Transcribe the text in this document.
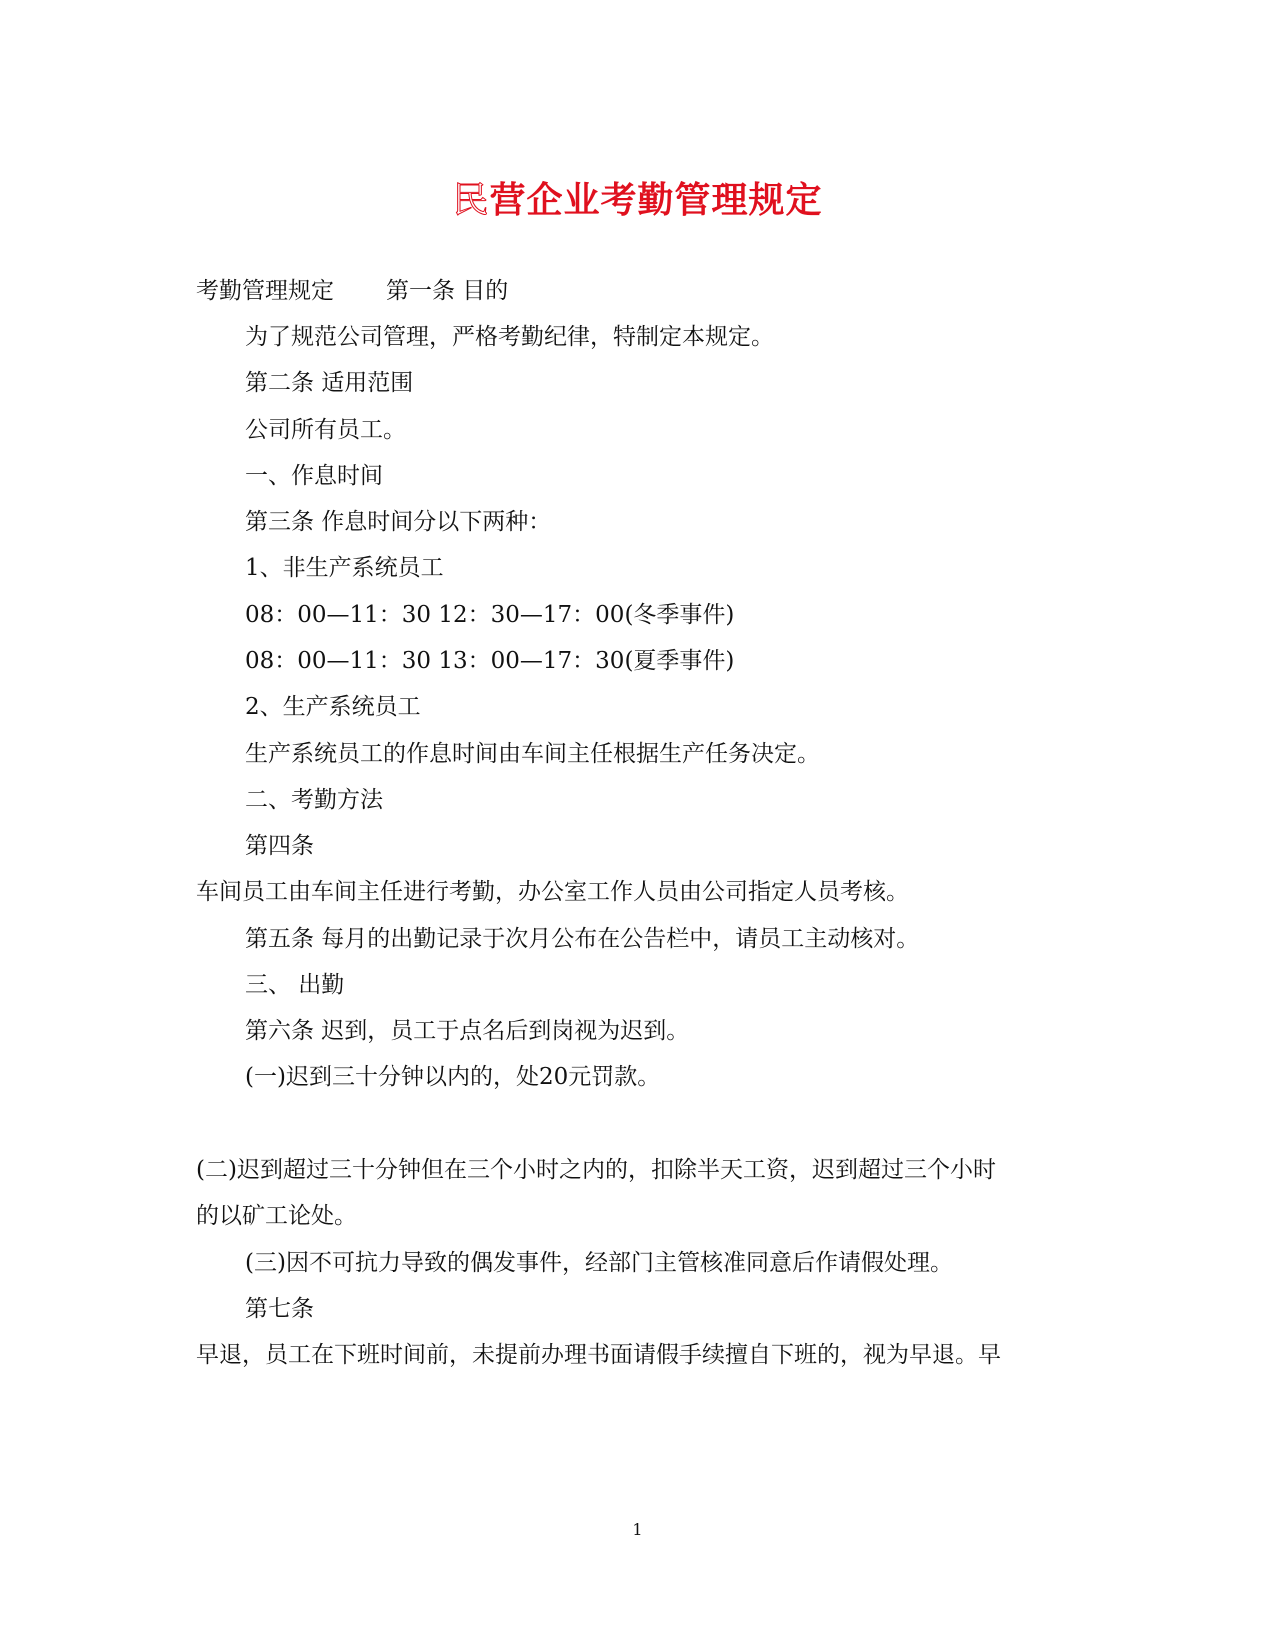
民营企业考勤管理规定
考勤管理规定 第一条 目的
为了规范公司管理，严格考勤纪律，特制定本规定。
第二条 适用范围
公司所有员工。
一、作息时间
第三条 作息时间分以下两种：
1、非生产系统员工
08：00—11：30 12：30—17：00(冬季事件)
08：00—11：30 13：00—17：30(夏季事件)
2、生产系统员工
生产系统员工的作息时间由车间主任根据生产任务决定。
二、考勤方法
第四条
车间员工由车间主任进行考勤，办公室工作人员由公司指定人员考核。
第五条 每月的出勤记录于次月公布在公告栏中，请员工主动核对。
三、 出勤
第六条 迟到，员工于点名后到岗视为迟到。
(一)迟到三十分钟以内的，处20元罚款。
(二)迟到超过三十分钟但在三个小时之内的，扣除半天工资，迟到超过三个小时
的以矿工论处。
(三)因不可抗力导致的偶发事件，经部门主管核准同意后作请假处理。
第七条
早退，员工在下班时间前，未提前办理书面请假手续擅自下班的，视为早退。早
1
